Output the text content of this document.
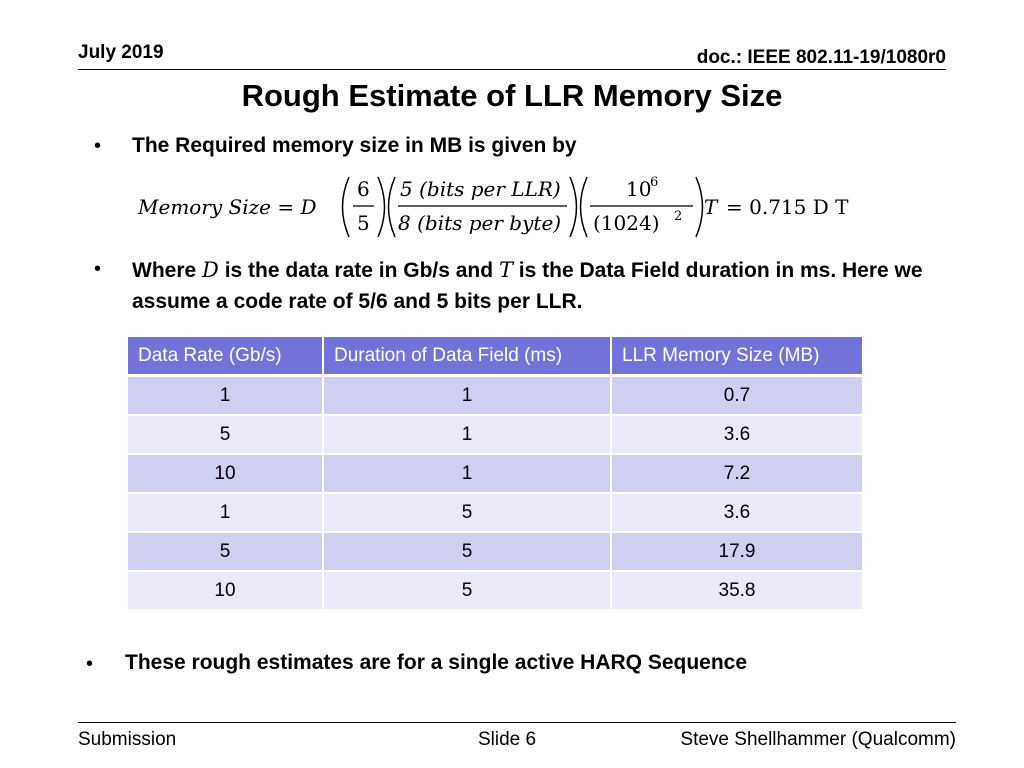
July 2019	doc.: IEEE 802.11-19/1080r0
Rough Estimate of LLR Memory Size
• The Required memory size in MB is given by
Memory Size = D
6
5
5 (bits per LLR)
8 (bits per byte)
10
6
(1024) 2 T = 0.715 D T
• Where D is the data rate in Gb/s and T is the Data Field duration in ms. Here we assume a code rate of 5/6 and 5 bits per LLR.
Data Rate (Gb/s)	Duration of Data Field (ms)	LLR Memory Size (MB)
1	1	0.7
5	1	3.6
10	1	7.2
1	5	3.6
5	5	17.9
10	5	35.8
• These rough estimates are for a single active HARQ Sequence
Submission	Slide 6	Steve Shellhammer (Qualcomm)
